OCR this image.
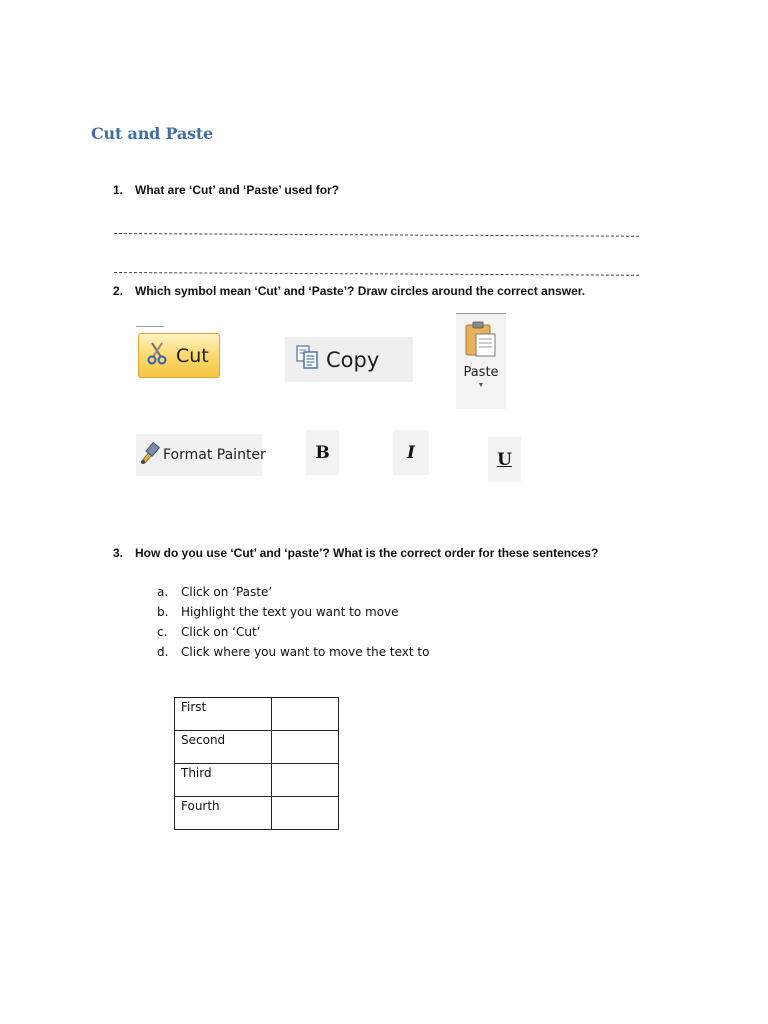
Cut and Paste
1. What are ‘Cut’ and ‘Paste’ used for?
2. Which symbol mean ‘Cut’ and ‘Paste’? Draw circles around the correct answer.
Cut	Copy
Paste
▼
Format Painter	B	I	U
3. How do you use ‘Cut’ and ‘paste’? What is the correct order for these sentences?
a. Click on ‘Paste’
b. Highlight the text you want to move
c. Click on ‘Cut’
d. Click where you want to move the text to
First	
Second	
Third	
Fourth	
